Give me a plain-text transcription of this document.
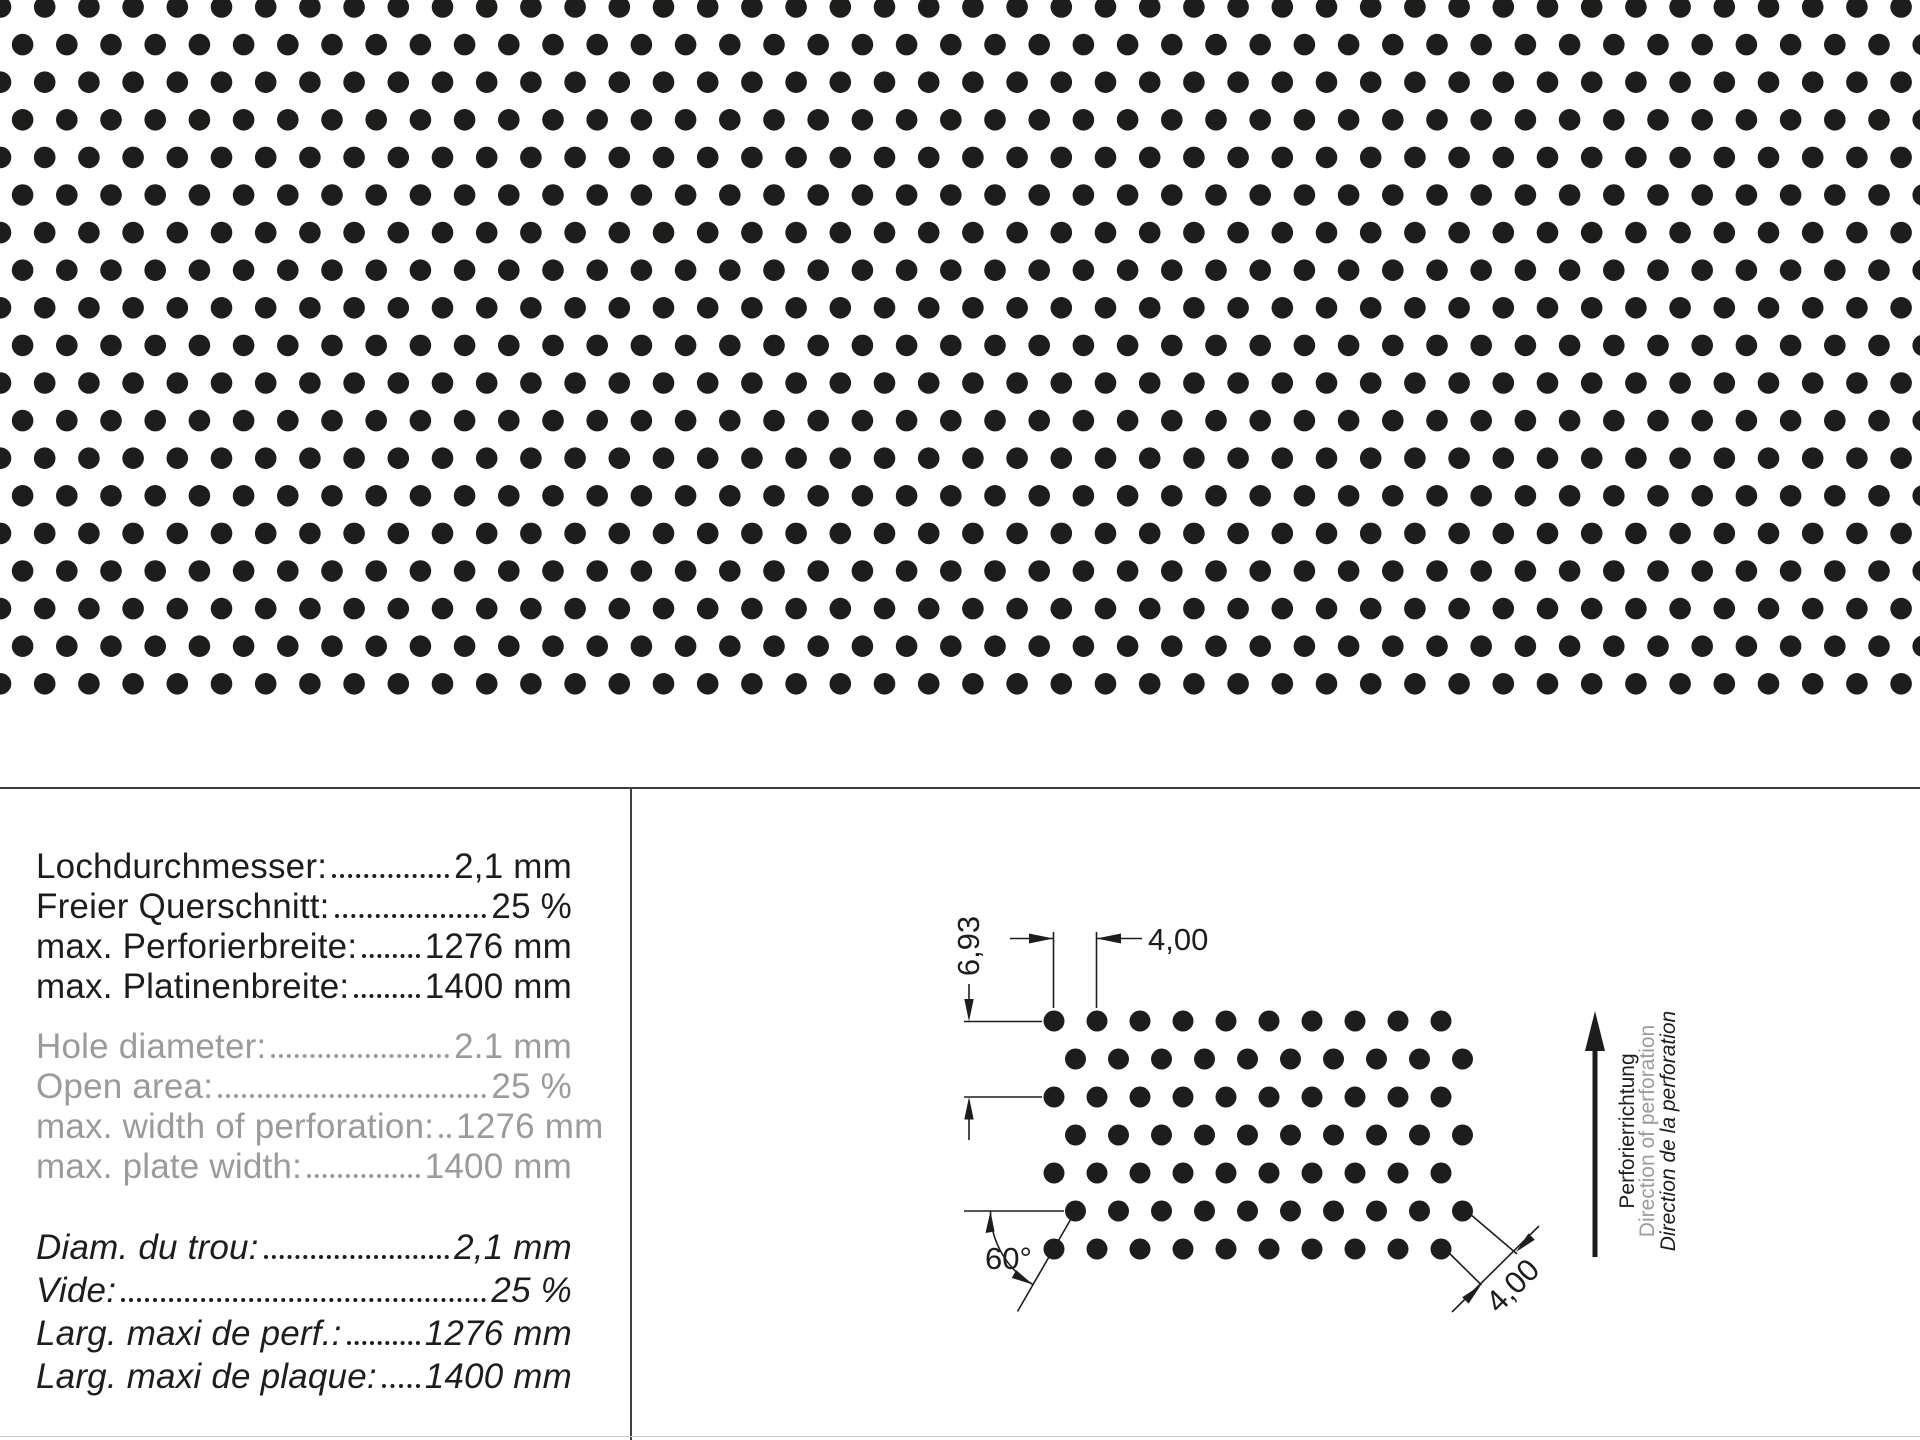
Lochdurchmesser:	2,1 mm
Freier Querschnitt:	25 %
max. Perforierbreite: 1276 mm
max. Platinenbreite: 1400 mm
Hole diameter:	2.1 mm
Open area:	25 %
max. width of perforation: 1276 mm
max. plate width:	1400 mm
Diam. du trou:	2,1 mm
Vide:	25 %
Larg. maxi de perf.: 1276 mm
Larg. maxi de plaque: 1400 mm
4,00
6,93
60°	4,00
Perforierrichtung
Direction of perforation
Direction de la perforation
